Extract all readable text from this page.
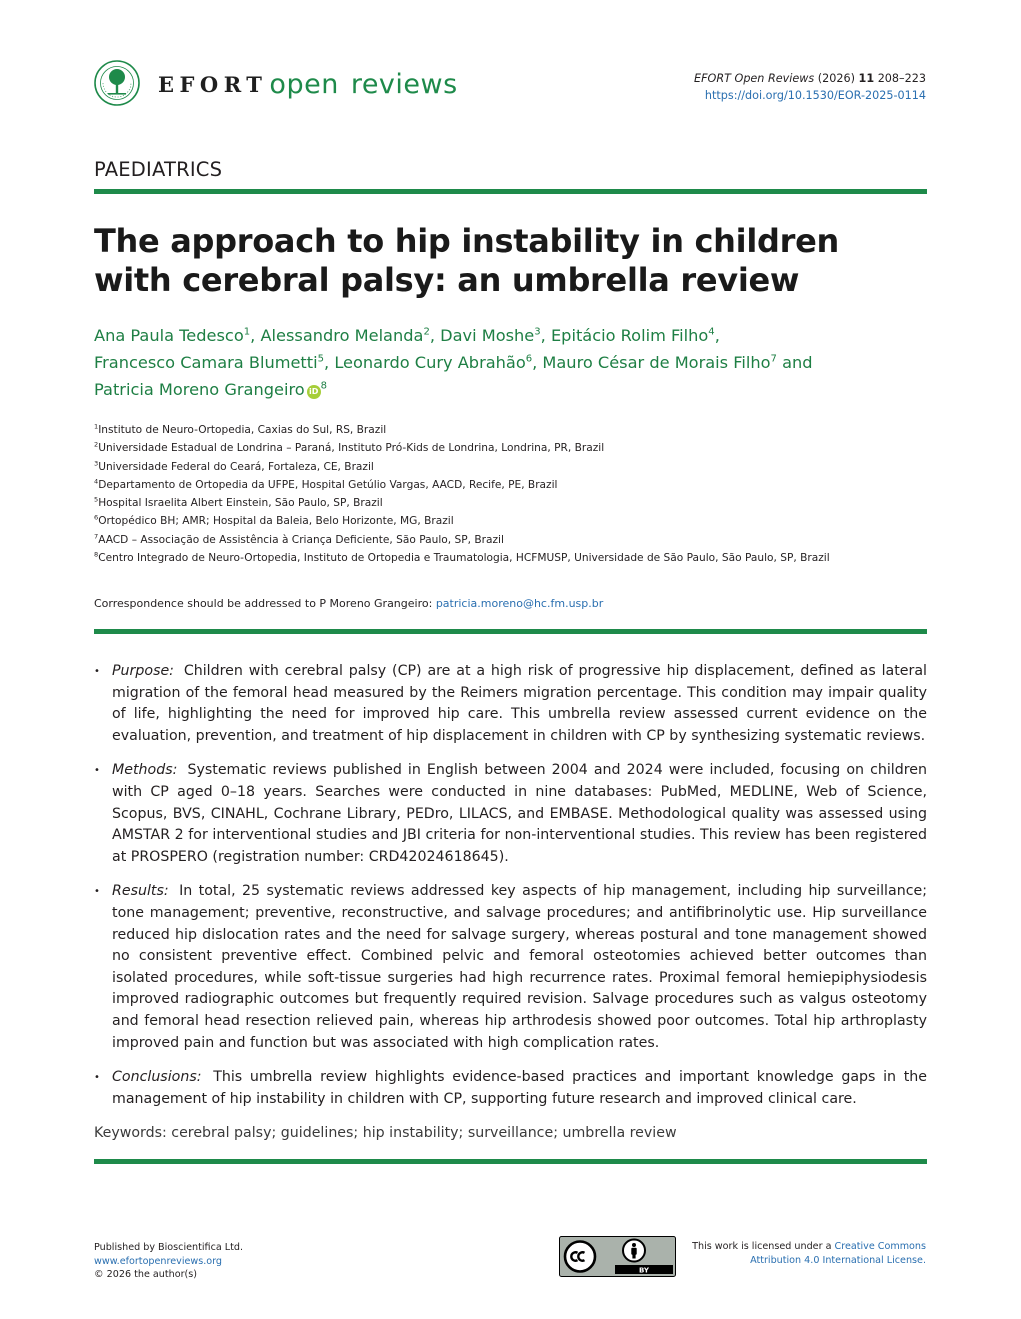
EFORT open reviews	EFORT Open Reviews (2026) 11 208–223
https://doi.org/10.1530/EOR-2025-0114
PAEDIATRICS
The approach to hip instability in children
with cerebral palsy: an umbrella review
Ana Paula Tedesco$^1$, Alessandro Melanda$^2$, Davi Moshe$^3$, Epitácio Rolim Filho$^4$,
Francesco Camara Blumetti$^5$, Leonardo Cury Abrahão$^6$, Mauro César de Morais Filho$^7$ and
Patricia Moreno Grangeiro iD $^8$
$^1$Instituto de Neuro-Ortopedia, Caxias do Sul, RS, Brazil
$^2$Universidade Estadual de Londrina – Paraná, Instituto Pró-Kids de Londrina, Londrina, PR, Brazil
$^3$Universidade Federal do Ceará, Fortaleza, CE, Brazil
$^4$Departamento de Ortopedia da UFPE, Hospital Getúlio Vargas, AACD, Recife, PE, Brazil
$^5$Hospital Israelita Albert Einstein, São Paulo, SP, Brazil
$^6$Ortopédico BH; AMR; Hospital da Baleia, Belo Horizonte, MG, Brazil
$^7$AACD – Associação de Assistência à Criança Deficiente, São Paulo, SP, Brazil
$^8$Centro Integrado de Neuro-Ortopedia, Instituto de Ortopedia e Traumatologia, HCFMUSP, Universidade de São Paulo, São Paulo, SP, Brazil
Correspondence should be addressed to P Moreno Grangeiro: patricia.moreno@hc.fm.usp.br
• Purpose: Children with cerebral palsy (CP) are at a high risk of progressive hip displacement, defined as lateral migration of the femoral head measured by the Reimers migration percentage. This condition may impair quality of life, highlighting the need for improved hip care. This umbrella review assessed current evidence on the evaluation, prevention, and treatment of hip displacement in children with CP by synthesizing systematic reviews.
• Methods: Systematic reviews published in English between 2004 and 2024 were included, focusing on children with CP aged 0–18 years. Searches were conducted in nine databases: PubMed, MEDLINE, Web of Science, Scopus, BVS, CINAHL, Cochrane Library, PEDro, LILACS, and EMBASE. Methodological quality was assessed using AMSTAR 2 for interventional studies and JBI criteria for non-interventional studies. This review has been registered at PROSPERO (registration number: CRD42024618645).
• Results: In total, 25 systematic reviews addressed key aspects of hip management, including hip surveillance; tone management; preventive, reconstructive, and salvage procedures; and antifibrinolytic use. Hip surveillance reduced hip dislocation rates and the need for salvage surgery, whereas postural and tone management showed no consistent preventive effect. Combined pelvic and femoral osteotomies achieved better outcomes than isolated procedures, while soft-tissue surgeries had high recurrence rates. Proximal femoral hemiepiphysiodesis improved radiographic outcomes but frequently required revision. Salvage procedures such as valgus osteotomy and femoral head resection relieved pain, whereas hip arthrodesis showed poor outcomes. Total hip arthroplasty improved pain and function but was associated with high complication rates.
• Conclusions: This umbrella review highlights evidence-based practices and important knowledge gaps in the management of hip instability in children with CP, supporting future research and improved clinical care.
Keywords: cerebral palsy; guidelines; hip instability; surveillance; umbrella review
Published by Bioscientifica Ltd.
www.efortopenreviews.org
© 2026 the author(s)	BY
This work is licensed under a Creative Commons
Attribution 4.0 International License.
